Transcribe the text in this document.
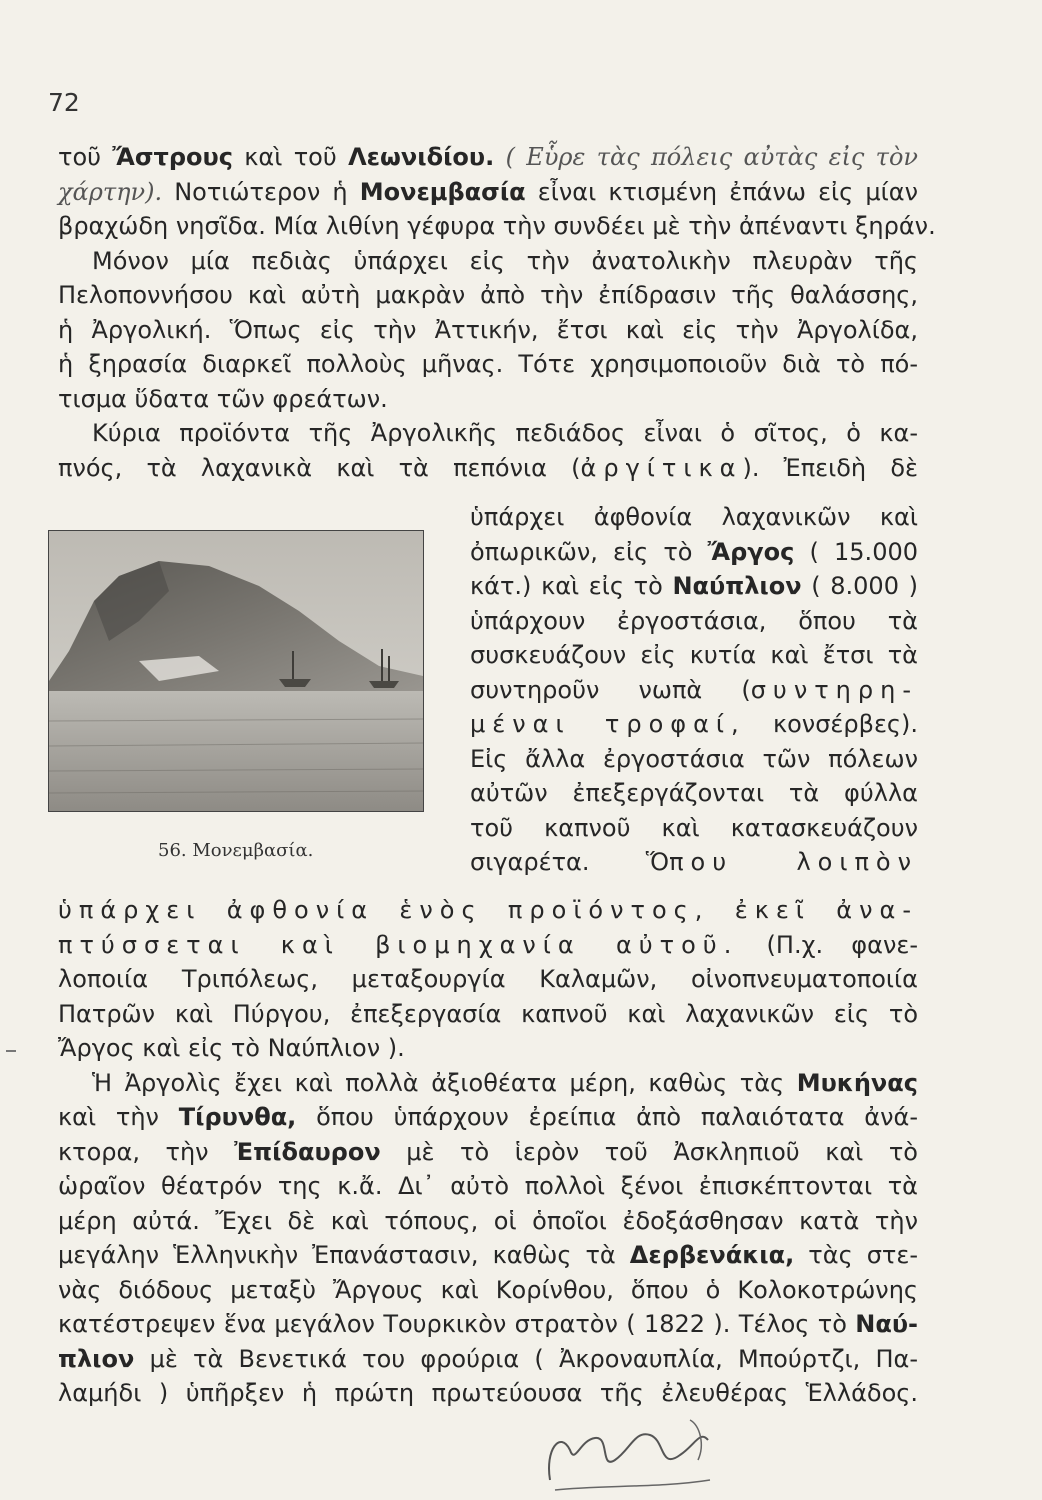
72
τοῦ Ἄστρους καὶ τοῦ Λεωνιδίου. ( Εὗρε τὰς πόλεις αὐτὰς εἰς τὸν
χάρτην). Νοτιώτερον ἡ Μονεμβασία εἶναι κτισμένη ἐπάνω εἰς μίαν
βραχώδη νησῖδα. Μία λιθίνη γέφυρα τὴν συνδέει μὲ τὴν ἀπέναντι ξηράν.
Μόνον μία πεδιὰς ὑπάρχει εἰς τὴν ἀνατολικὴν πλευρὰν τῆς
Πελοποννήσου καὶ αὐτὴ μακρὰν ἀπὸ τὴν ἐπίδρασιν τῆς θαλάσσης,
ἡ Ἀργολική. Ὅπως εἰς τὴν Ἀττικήν, ἔτσι καὶ εἰς τὴν Ἀργολίδα,
ἡ ξηρασία διαρκεῖ πολλοὺς μῆνας. Τότε χρησιμοποιοῦν διὰ τὸ πό-
τισμα ὕδατα τῶν φρεάτων.
Κύρια προϊόντα τῆς Ἀργολικῆς πεδιάδος εἶναι ὁ σῖτος, ὁ κα-
πνός, τὰ λαχανικὰ καὶ τὰ πεπόνια (ἀργίτικα). Ἐπειδὴ δὲ
ὑπάρχει ἀφθονία λαχανικῶν καὶ
ὀπωρικῶν, εἰς τὸ Ἄργος ( 15.000
κάτ.) καὶ εἰς τὸ Ναύπλιον ( 8.000 )
ὑπάρχουν ἐργοστάσια, ὅπου τὰ
συσκευάζουν εἰς κυτία καὶ ἔτσι τὰ
συντηροῦν νωπὰ (συντηρη-
μέναι τροφαί, κονσέρβες).
Εἰς ἄλλα ἐργοστάσια τῶν πόλεων
αὐτῶν ἐπεξεργάζονται τὰ φύλλα
τοῦ καπνοῦ καὶ κατασκευάζουν
σιγαρέτα. Ὅπου λοιπὸν
56. Μονεμβασία.
ὑπάρχει ἀφθονία ἑνὸς προϊόντος, ἐκεῖ ἀνα-
πτύσσεται καὶ βιομηχανία αὐτοῦ. (Π.χ. φανε-
λοποιία Τριπόλεως, μεταξουργία Καλαμῶν, οἰνοπνευματοποιία
Πατρῶν καὶ Πύργου, ἐπεξεργασία καπνοῦ καὶ λαχανικῶν εἰς τὸ
Ἄργος καὶ εἰς τὸ Ναύπλιον ).
Ἡ Ἀργολὶς ἔχει καὶ πολλὰ ἀξιοθέατα μέρη, καθὼς τὰς Μυκήνας
καὶ τὴν Τίρυνθα, ὅπου ὑπάρχουν ἐρείπια ἀπὸ παλαιότατα ἀνά-
κτορα, τὴν Ἐπίδαυρον μὲ τὸ ἱερὸν τοῦ Ἀσκληπιοῦ καὶ τὸ
ὡραῖον θέατρόν της κ.ἄ. Δι᾽ αὐτὸ πολλοὶ ξένοι ἐπισκέπτονται τὰ
μέρη αὐτά. Ἔχει δὲ καὶ τόπους, οἱ ὁποῖοι ἐδοξάσθησαν κατὰ τὴν
μεγάλην Ἑλληνικὴν Ἐπανάστασιν, καθὼς τὰ Δερβενάκια, τὰς στε-
νὰς διόδους μεταξὺ Ἄργους καὶ Κορίνθου, ὅπου ὁ Κολοκοτρώνης
κατέστρεψεν ἕνα μεγάλον Τουρκικὸν στρατὸν ( 1822 ). Τέλος τὸ Ναύ-
πλιον μὲ τὰ Βενετικά του φρούρια ( Ἀκροναυπλία, Μπούρτζι, Πα-
λαμήδι ) ὑπῆρξεν ἡ πρώτη πρωτεύουσα τῆς ἐλευθέρας Ἑλλάδος.
